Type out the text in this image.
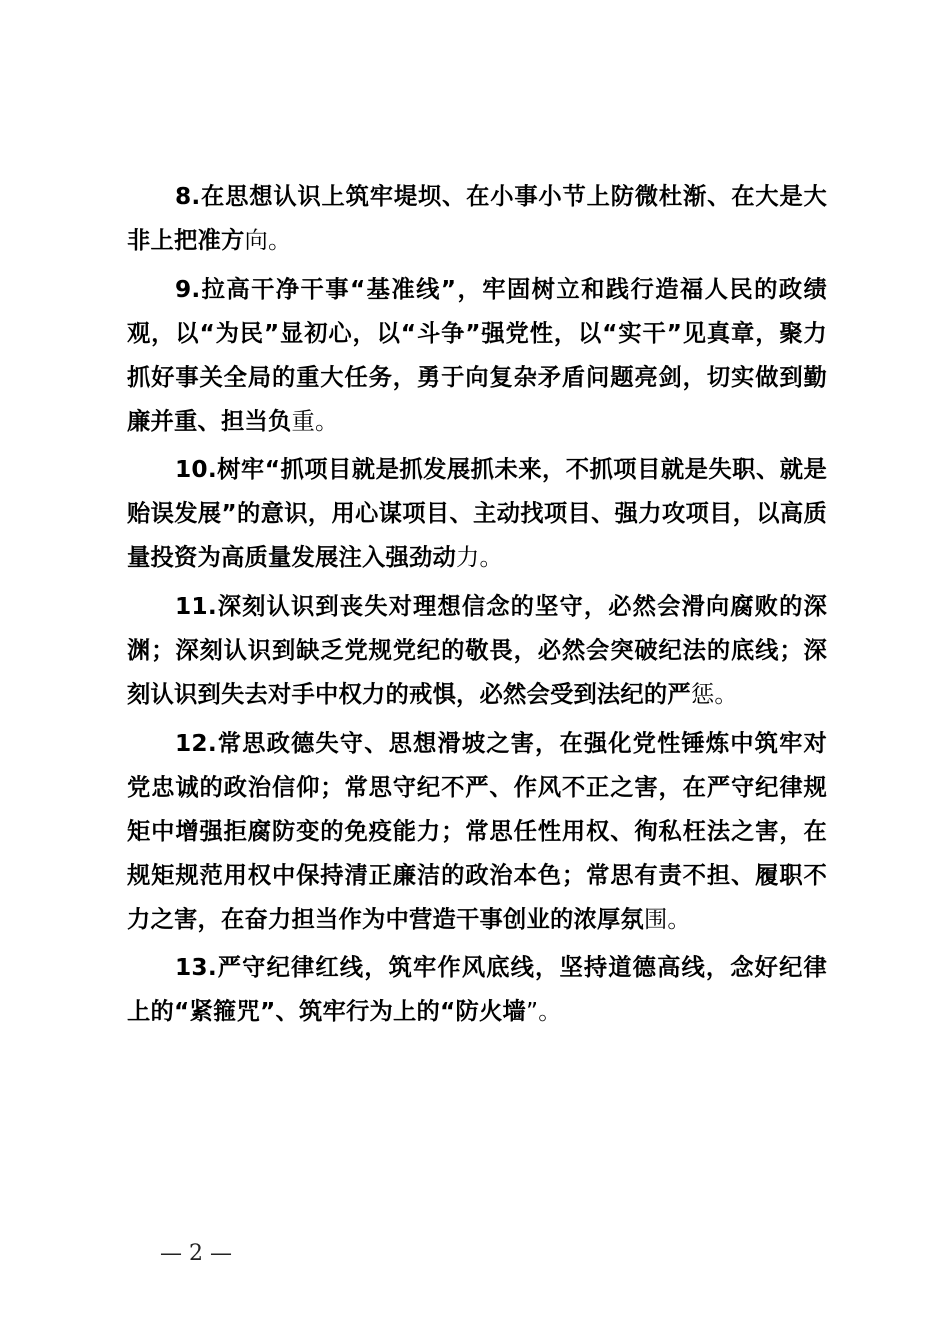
8.在思想认识上筑牢堤坝、在小事小节上防微杜渐、在大是大非上把准方向。

9.拉高干净干事“基准线”，牢固树立和践行造福人民的政绩观，以“为民”显初心，以“斗争”强党性，以“实干”见真章，聚力抓好事关全局的重大任务，勇于向复杂矛盾问题亮剑，切实做到勤廉并重、担当负重。

10.树牢“抓项目就是抓发展抓未来，不抓项目就是失职、就是贻误发展”的意识，用心谋项目、主动找项目、强力攻项目，以高质量投资为高质量发展注入强劲动力。

11.深刻认识到丧失对理想信念的坚守，必然会滑向腐败的深渊；深刻认识到缺乏党规党纪的敬畏，必然会突破纪法的底线；深刻认识到失去对手中权力的戒惧，必然会受到法纪的严惩。

12.常思政德失守、思想滑坡之害，在强化党性锤炼中筑牢对党忠诚的政治信仰；常思守纪不严、作风不正之害，在严守纪律规矩中增强拒腐防变的免疫能力；常思任性用权、徇私枉法之害，在规矩规范用权中保持清正廉洁的政治本色；常思有责不担、履职不力之害，在奋力担当作为中营造干事创业的浓厚氛围。

13.严守纪律红线，筑牢作风底线，坚持道德高线，念好纪律上的“紧箍咒”、筑牢行为上的“防火墙”。

— 2 —
